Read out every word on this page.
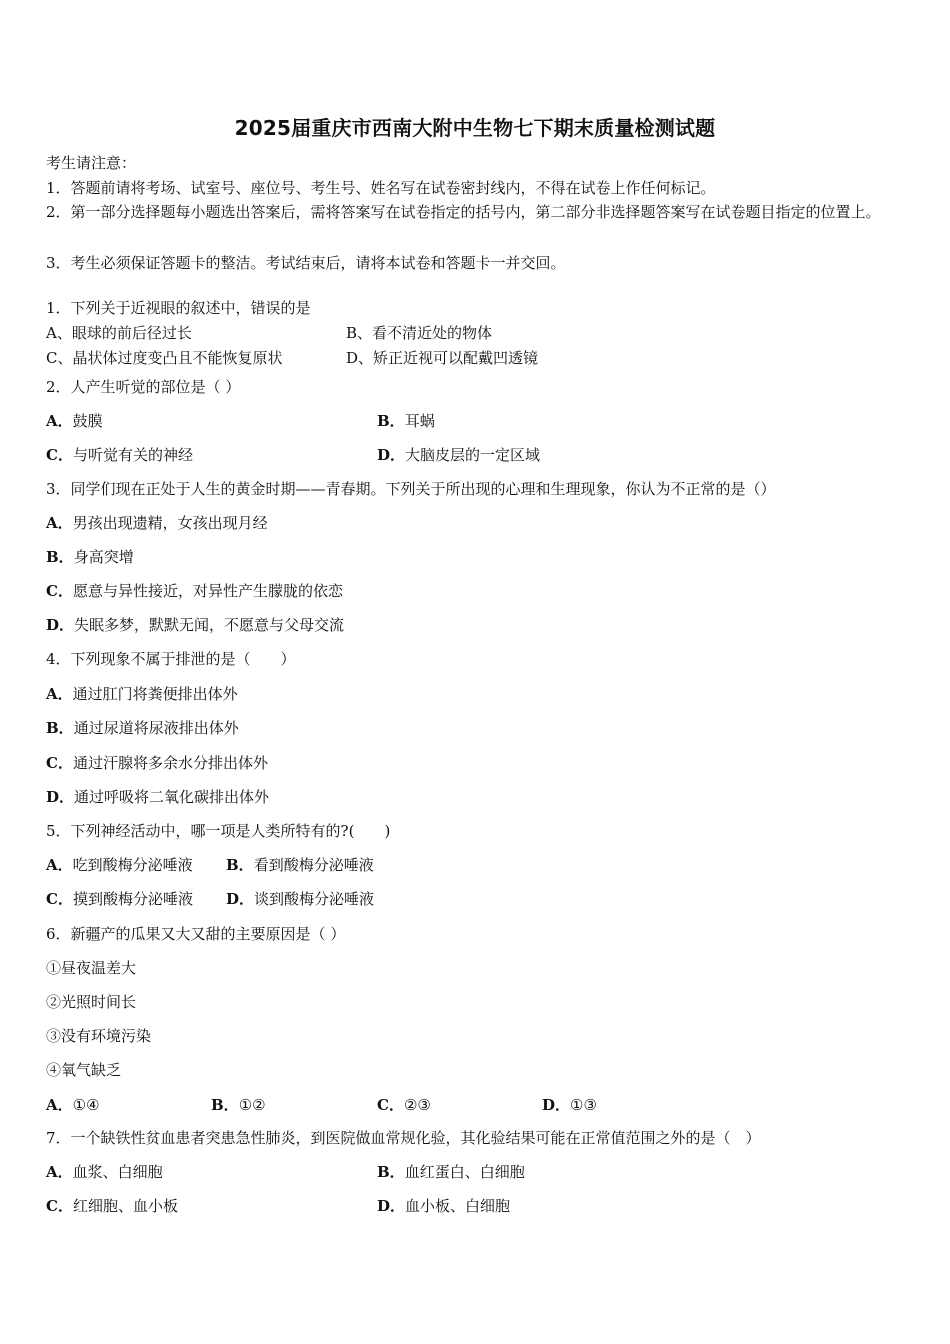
2025届重庆市西南大附中生物七下期末质量检测试题
考生请注意：
1．答题前请将考场、试室号、座位号、考生号、姓名写在试卷密封线内，不得在试卷上作任何标记。
2．第一部分选择题每小题选出答案后，需将答案写在试卷指定的括号内，第二部分非选择题答案写在试卷题目指定的位置上。
3．考生必须保证答题卡的整洁。考试结束后，请将本试卷和答题卡一并交回。
1．下列关于近视眼的叙述中，错误的是
A、眼球的前后径过长	B、看不清近处的物体
C、晶状体过度变凸且不能恢复原状	D、矫正近视可以配戴凹透镜
2．人产生听觉的部位是（ ）
A．鼓膜	B．耳蜗
C．与听觉有关的神经	D．大脑皮层的一定区域
3．同学们现在正处于人生的黄金时期——青春期。下列关于所出现的心理和生理现象，你认为不正常的是（）
A．男孩出现遗精，女孩出现月经
B．身高突增
C．愿意与异性接近，对异性产生朦胧的依恋
D．失眠多梦，默默无闻，不愿意与父母交流
4．下列现象不属于排泄的是（　　）
A．通过肛门将粪便排出体外
B．通过尿道将尿液排出体外
C．通过汗腺将多余水分排出体外
D．通过呼吸将二氧化碳排出体外
5．下列神经活动中，哪一项是人类所特有的?(　　)
A．吃到酸梅分泌唾液 B．看到酸梅分泌唾液
C．摸到酸梅分泌唾液 D．谈到酸梅分泌唾液
6．新疆产的瓜果又大又甜的主要原因是（ ）
①昼夜温差大
②光照时间长
③没有环境污染
④氧气缺乏
A．①④	B．①②	C．②③	D．①③
7．一个缺铁性贫血患者突患急性肺炎，到医院做血常规化验，其化验结果可能在正常值范围之外的是（　）
A．血浆、白细胞	B．血红蛋白、白细胞
C．红细胞、血小板	D．血小板、白细胞
